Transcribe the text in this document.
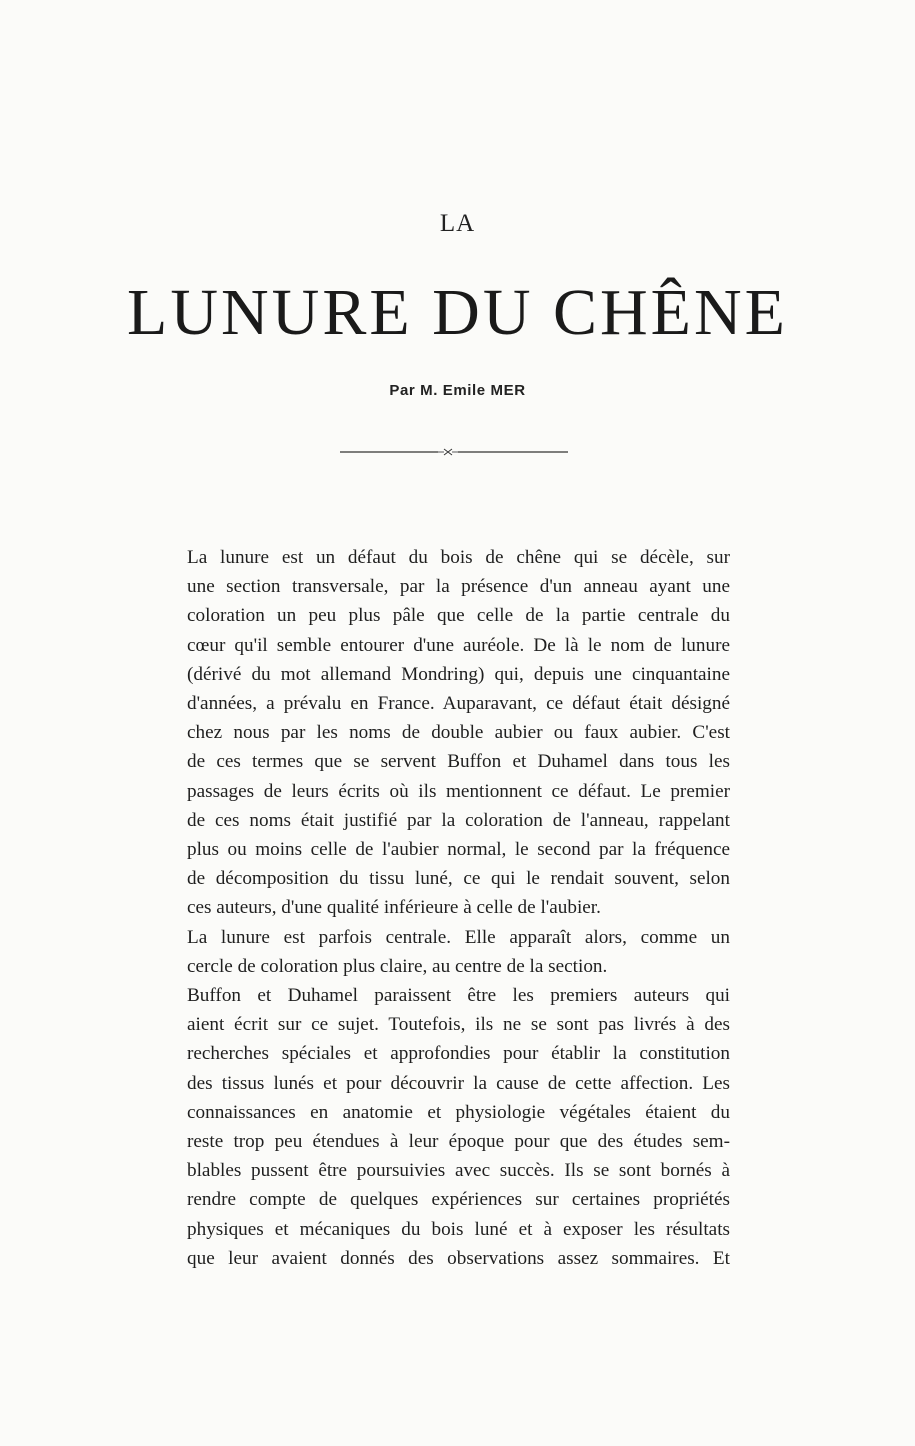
LA
LUNURE DU CHÊNE
Par M. Emile MER

La lunure est un défaut du bois de chêne qui se décèle, sur
une section transversale, par la présence d'un anneau ayant une
coloration un peu plus pâle que celle de la partie centrale du
cœur qu'il semble entourer d'une auréole. De là le nom de lunure
(dérivé du mot allemand Mondring) qui, depuis une cinquantaine
d'années, a prévalu en France. Auparavant, ce défaut était désigné
chez nous par les noms de double aubier ou faux aubier. C'est
de ces termes que se servent Buffon et Duhamel dans tous les
passages de leurs écrits où ils mentionnent ce défaut. Le premier
de ces noms était justifié par la coloration de l'anneau, rappelant
plus ou moins celle de l'aubier normal, le second par la fréquence
de décomposition du tissu luné, ce qui le rendait souvent, selon
ces auteurs, d'une qualité inférieure à celle de l'aubier.

La lunure est parfois centrale. Elle apparaît alors, comme un
cercle de coloration plus claire, au centre de la section.

Buffon et Duhamel paraissent être les premiers auteurs qui
aient écrit sur ce sujet. Toutefois, ils ne se sont pas livrés à des
recherches spéciales et approfondies pour établir la constitution
des tissus lunés et pour découvrir la cause de cette affection. Les
connaissances en anatomie et physiologie végétales étaient du
reste trop peu étendues à leur époque pour que des études sem-
blables pussent être poursuivies avec succès. Ils se sont bornés à
rendre compte de quelques expériences sur certaines propriétés
physiques et mécaniques du bois luné et à exposer les résultats
que leur avaient donnés des observations assez sommaires. Et
